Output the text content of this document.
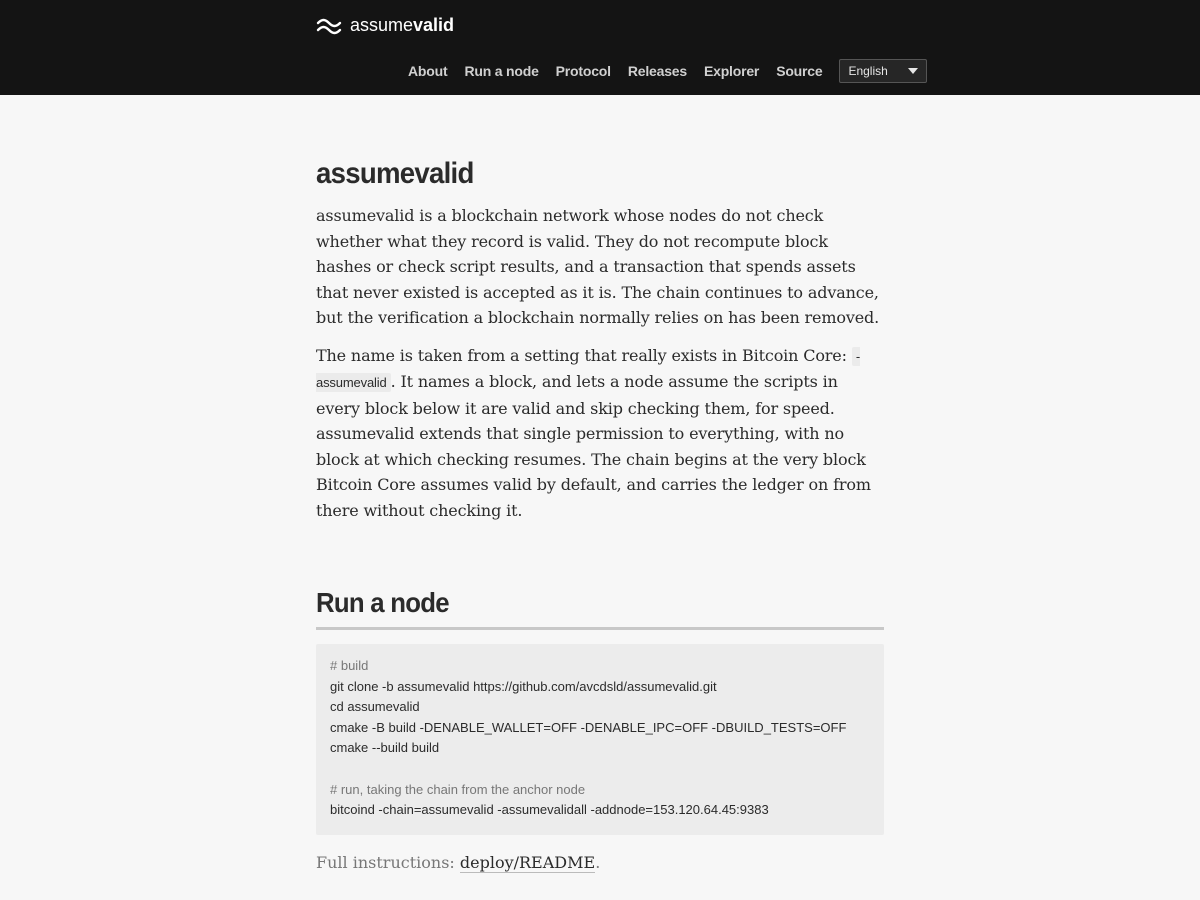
assumevalid
About Run a node Protocol Releases Explorer Source English
assumevalid

assumevalid is a blockchain network whose nodes do not check whether what they record is valid. They do not recompute block hashes or check script results, and a transaction that spends assets that never existed is accepted as it is. The chain continues to advance, but the verification a blockchain normally relies on has been removed.

The name is taken from a setting that really exists in Bitcoin Core: -assumevalid . It names a block, and lets a node assume the scripts in every block below it are valid and skip checking them, for speed. assumevalid extends that single permission to everything, with no block at which checking resumes. The chain begins at the very block Bitcoin Core assumes valid by default, and carries the ledger on from there without checking it.

Run a node
# build
git clone -b assumevalid https://github.com/avcdsld/assumevalid.git
cd assumevalid
cmake -B build -DENABLE_WALLET=OFF -DENABLE_IPC=OFF -DBUILD_TESTS=OFF
cmake --build build

# run, taking the chain from the anchor node
bitcoind -chain=assumevalid -assumevalidall -addnode=153.120.64.45:9383
Full instructions: deploy/README.
